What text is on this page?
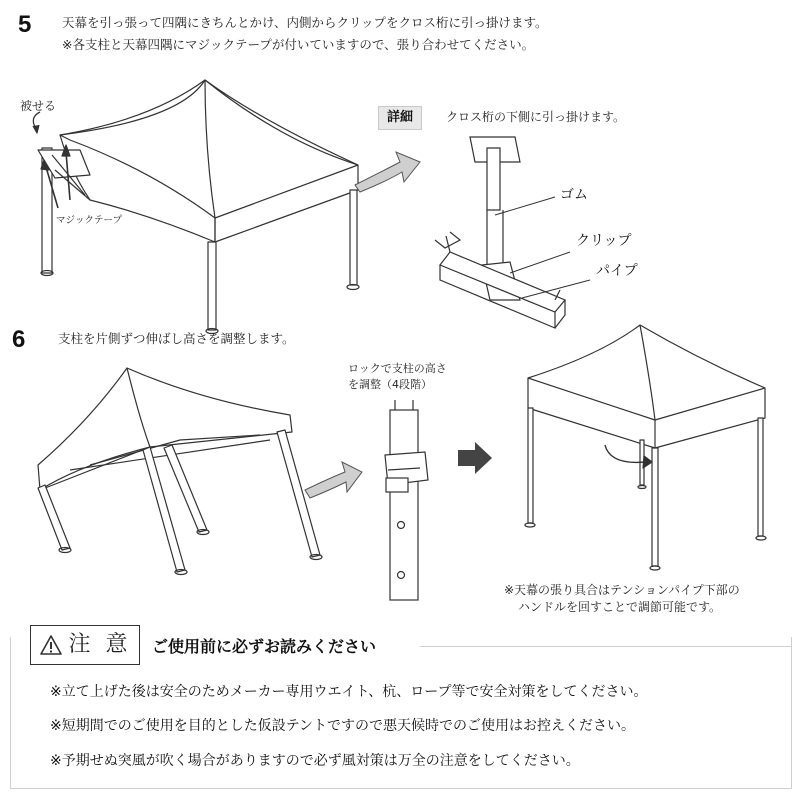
5 天幕を引っ張って四隅にきちんとかけ、内側からクリップをクロス桁に引っ掛けます。
※各支柱と天幕四隅にマジックテープが付いていますので、張り合わせてください。
被せる
マジックテープ
詳細	クロス桁の下側に引っ掛けます。
ゴム
クリップ
パイプ
6	支柱を片側ずつ伸ばし高さを調整します。
ロックで支柱の高さ
を調整（4段階）
※天幕の張り具合はテンションパイプ下部の
ハンドルを回すことで調節可能です。
注 意 ご使用前に必ずお読みください
※立て上げた後は安全のためメーカー専用ウエイト、杭、ロープ等で安全対策をしてください。
※短期間でのご使用を目的とした仮設テントですので悪天候時でのご使用はお控えください。
※予期せぬ突風が吹く場合がありますので必ず風対策は万全の注意をしてください。
